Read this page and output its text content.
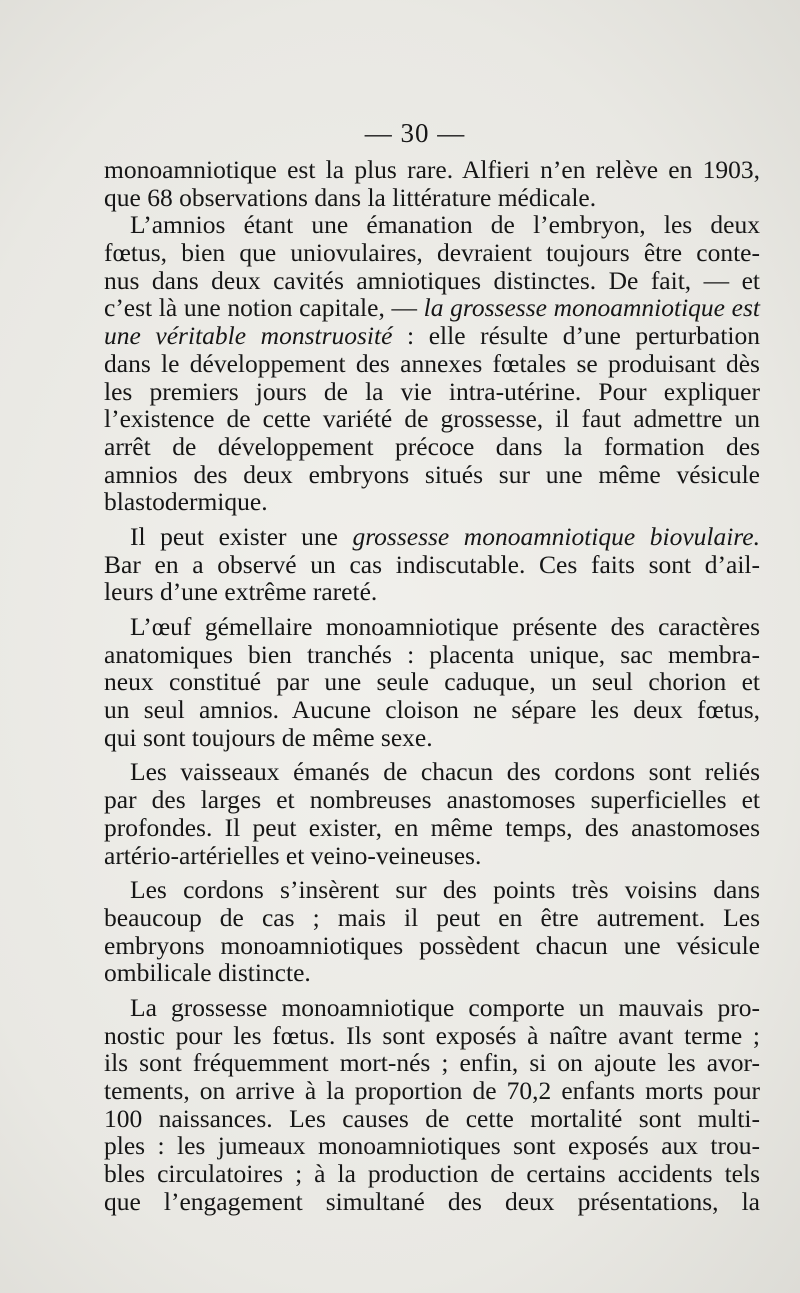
— 30 —
monoamniotique est la plus rare. Alfieri n’en relève en 1903,
que 68 observations dans la littérature médicale.
L’amnios étant une émanation de l’embryon, les deux
fœtus, bien que uniovulaires, devraient toujours être conte-
nus dans deux cavités amniotiques distinctes. De fait, — et
c’est là une notion capitale, — la grossesse monoamniotique est
une véritable monstruosité : elle résulte d’une perturbation
dans le développement des annexes fœtales se produisant dès
les premiers jours de la vie intra-utérine. Pour expliquer
l’existence de cette variété de grossesse, il faut admettre un
arrêt de développement précoce dans la formation des
amnios des deux embryons situés sur une même vésicule
blastodermique.
Il peut exister une grossesse monoamniotique biovulaire.
Bar en a observé un cas indiscutable. Ces faits sont d’ail-
leurs d’une extrême rareté.
L’œuf gémellaire monoamniotique présente des caractères
anatomiques bien tranchés : placenta unique, sac membra-
neux constitué par une seule caduque, un seul chorion et
un seul amnios. Aucune cloison ne sépare les deux fœtus,
qui sont toujours de même sexe.
Les vaisseaux émanés de chacun des cordons sont reliés
par des larges et nombreuses anastomoses superficielles et
profondes. Il peut exister, en même temps, des anastomoses
artério-artérielles et veino-veineuses.
Les cordons s’insèrent sur des points très voisins dans
beaucoup de cas ; mais il peut en être autrement. Les
embryons monoamniotiques possèdent chacun une vésicule
ombilicale distincte.
La grossesse monoamniotique comporte un mauvais pro-
nostic pour les fœtus. Ils sont exposés à naître avant terme ;
ils sont fréquemment mort-nés ; enfin, si on ajoute les avor-
tements, on arrive à la proportion de 70,2 enfants morts pour
100 naissances. Les causes de cette mortalité sont multi-
ples : les jumeaux monoamniotiques sont exposés aux trou-
bles circulatoires ; à la production de certains accidents tels
que l’engagement simultané des deux présentations, la
